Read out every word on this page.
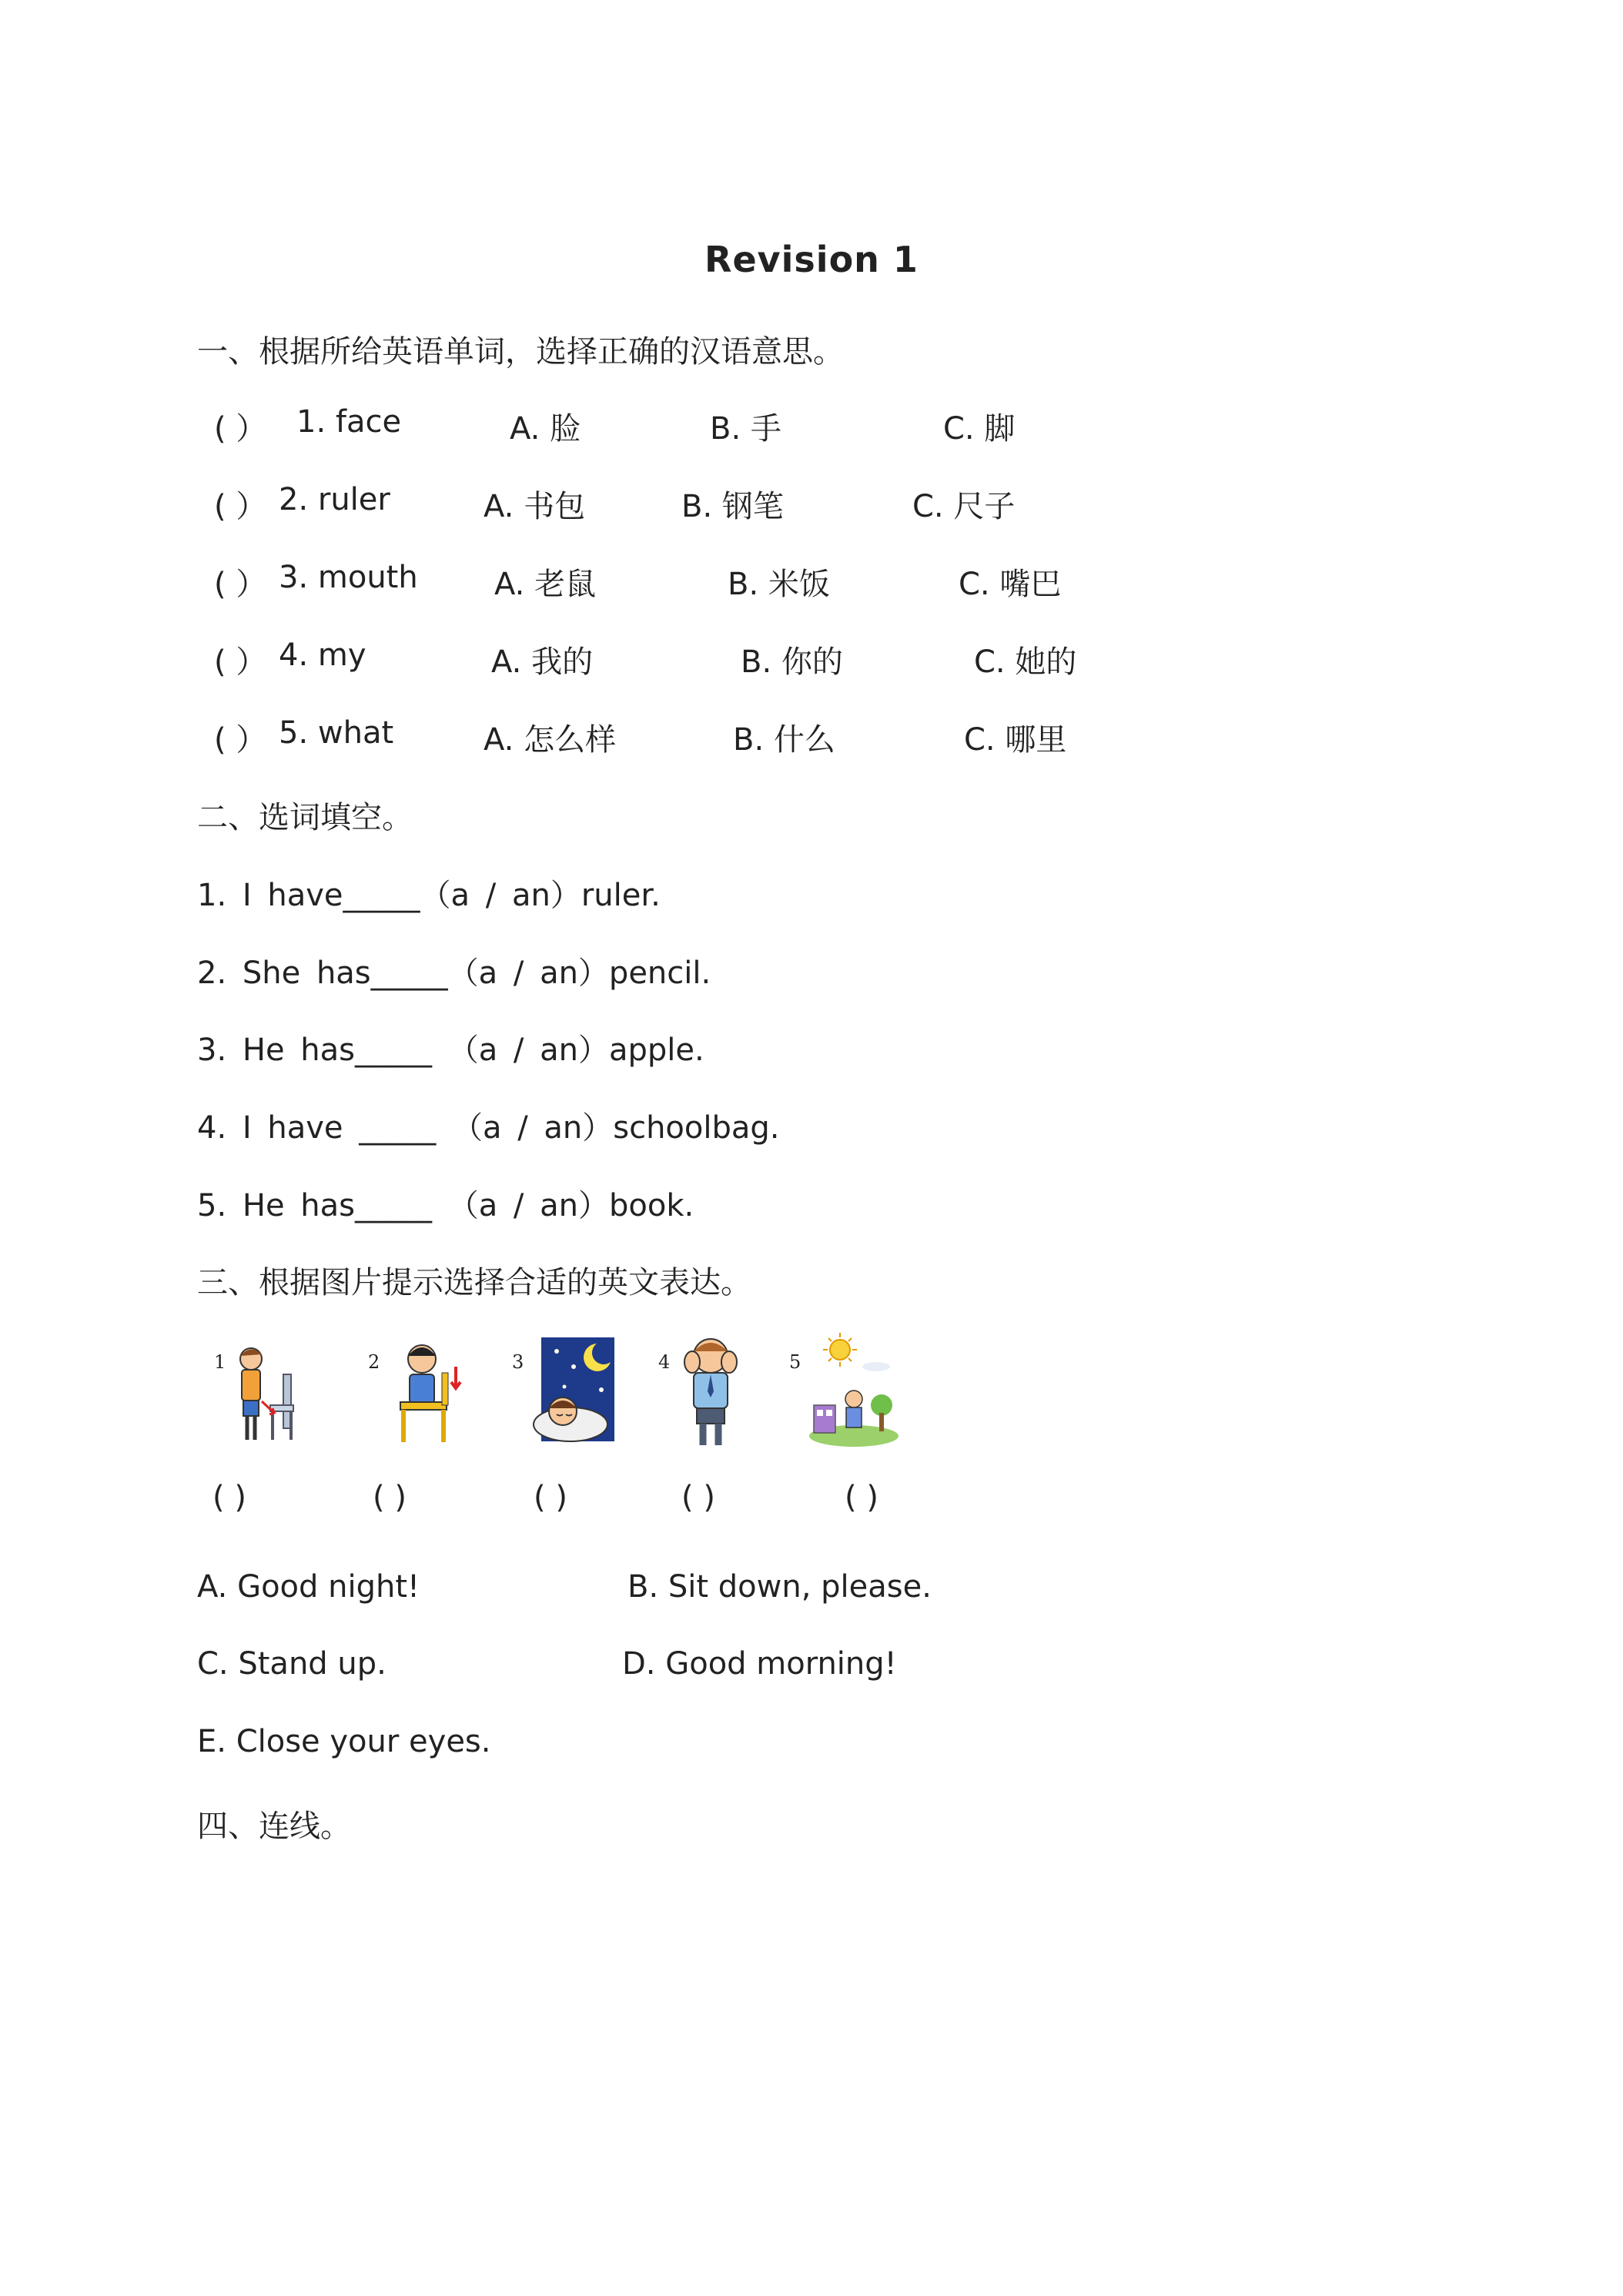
Revision 1
一、根据所给英语单词，选择正确的汉语意思。
( ） 1. face	A. 脸	B. 手	C. 脚
( ） 2. ruler	A. 书包	B. 钢笔	C. 尺子
( ） 3. mouth A. 老鼠	B. 米饭	C. 嘴巴
( ） 4. my	A. 我的	B. 你的	C. 她的
( ） 5. what	A. 怎么样	B. 什么	C. 哪里
二、选词填空。
1. I have_____（a / an）ruler.
2. She has_____（a / an）pencil.
3. He has_____ （a / an）apple.
4. I have _____ （a / an）schoolbag.
5. He has_____ （a / an）book.
三、根据图片提示选择合适的英文表达。
1	2	3	4	5
( )	( )	( )	( )	( )
A. Good night!	B. Sit down, please.
C. Stand up.	D. Good morning!
E. Close your eyes.
四、连线。
